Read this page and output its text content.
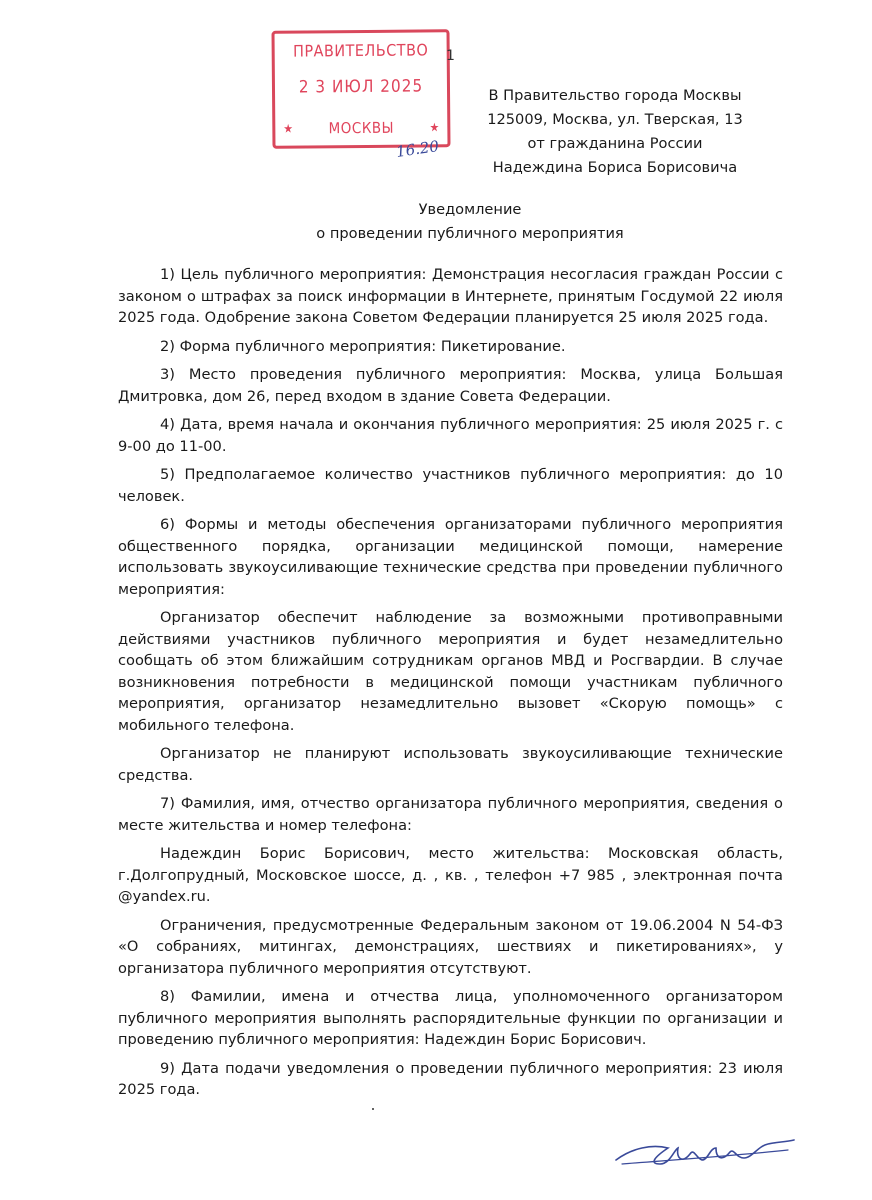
ПРАВИТЕЛЬСТВО
2 3 ИЮЛ 2025
МОСКВЫ
★	★
1
16.20
В Правительство города Москвы
125009, Москва, ул. Тверская, 13
от гражданина России
Надеждина Бориса Борисовича
Уведомление
о проведении публичного мероприятия

1) Цель публичного мероприятия: Демонстрация несогласия граждан России с законом о штрафах за поиск информации в Интернете, принятым Госдумой 22 июля 2025 года. Одобрение закона Советом Федерации планируется 25 июля 2025 года.

2) Форма публичного мероприятия: Пикетирование.

3) Место проведения публичного мероприятия: Москва, улица Большая Дмитровка, дом 26, перед входом в здание Совета Федерации.

4) Дата, время начала и окончания публичного мероприятия: 25 июля 2025 г. с 9-00 до 11-00.

5) Предполагаемое количество участников публичного мероприятия: до 10 человек.

6) Формы и методы обеспечения организаторами публичного мероприятия общественного порядка, организации медицинской помощи, намерение использовать звукоусиливающие технические средства при проведении публичного мероприятия:

Организатор обеспечит наблюдение за возможными противоправными действиями участников публичного мероприятия и будет незамедлительно сообщать об этом ближайшим сотрудникам органов МВД и Росгвардии. В случае возникновения потребности в медицинской помощи участникам публичного мероприятия, организатор незамедлительно вызовет «Скорую помощь» с мобильного телефона.

Организатор не планируют использовать звукоусиливающие технические средства.

7) Фамилия, имя, отчество организатора публичного мероприятия, сведения о месте жительства и номер телефона:

Надеждин Борис Борисович, место жительства: Московская область, г.Долгопрудный, Московское шоссе, д. , кв. , телефон +7 985 , электронная почта @yandex.ru.

Ограничения, предусмотренные Федеральным законом от 19.06.2004 N 54-ФЗ «О собраниях, митингах, демонстрациях, шествиях и пикетированиях», у организатора публичного мероприятия отсутствуют.

8) Фамилии, имена и отчества лица, уполномоченного организатором публичного мероприятия выполнять распорядительные функции по организации и проведению публичного мероприятия: Надеждин Борис Борисович.

9) Дата подачи уведомления о проведении публичного мероприятия: 23 июля 2025 года.
